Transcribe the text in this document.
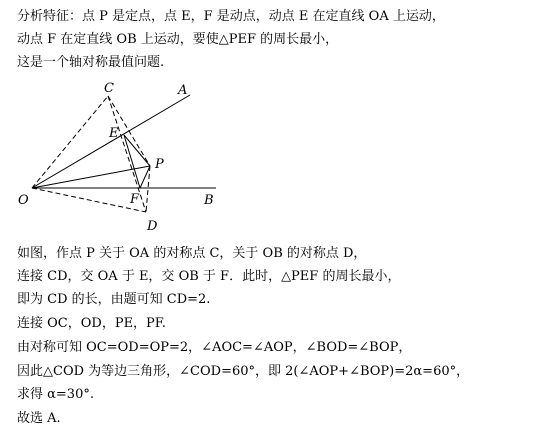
分析特征：点 P 是定点，点 E，F 是动点，动点 E 在定直线 OA 上运动，
动点 F 在定直线 OB 上运动，要使△PEF 的周长最小，
这是一个轴对称最值问题.
C	A
E
P
O	F	B
D
如图，作点 P 关于 OA 的对称点 C，关于 OB 的对称点 D，
连接 CD，交 OA 于 E，交 OB 于 F．此时，△PEF 的周长最小，
即为 CD 的长，由题可知 CD=2.
连接 OC，OD，PE，PF.
由对称可知 OC=OD=OP=2，∠AOC=∠AOP，∠BOD=∠BOP，
因此△COD 为等边三角形，∠COD=60°，即 2(∠AOP+∠BOP)=2α=60°，
求得 α=30°.
故选 A.
